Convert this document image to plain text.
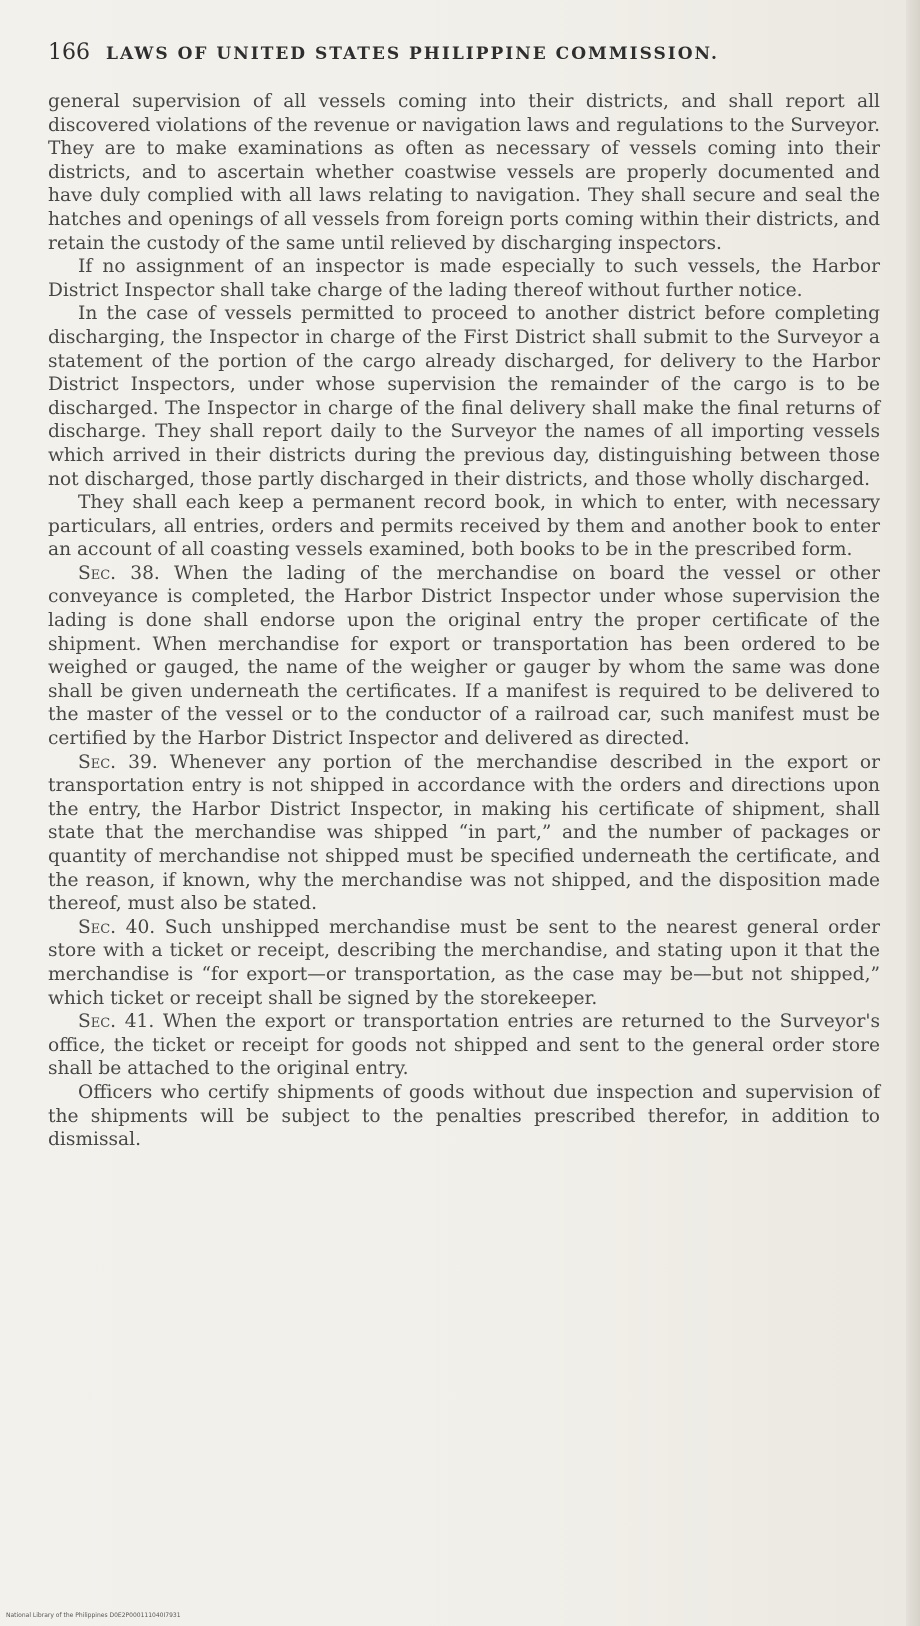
166 LAWS OF UNITED STATES PHILIPPINE COMMISSION.

general supervision of all vessels coming into their districts, and shall report all discovered violations of the revenue or navigation laws and regulations to the Surveyor. They are to make examinations as often as necessary of vessels coming into their districts, and to ascertain whether coastwise vessels are properly documented and have duly complied with all laws relating to navigation. They shall secure and seal the hatches and openings of all vessels from foreign ports coming within their districts, and retain the custody of the same until relieved by discharging inspectors.

If no assignment of an inspector is made especially to such vessels, the Harbor District Inspector shall take charge of the lading thereof without further notice.

In the case of vessels permitted to proceed to another district before completing discharging, the Inspector in charge of the First District shall submit to the Surveyor a statement of the portion of the cargo already discharged, for delivery to the Harbor District Inspectors, under whose supervision the remainder of the cargo is to be discharged. The Inspector in charge of the final delivery shall make the final returns of discharge. They shall report daily to the Surveyor the names of all importing vessels which arrived in their districts during the previous day, distinguishing between those not discharged, those partly discharged in their districts, and those wholly discharged.

They shall each keep a permanent record book, in which to enter, with necessary particulars, all entries, orders and permits received by them and another book to enter an account of all coasting vessels examined, both books to be in the prescribed form.

Sec. 38. When the lading of the merchandise on board the vessel or other conveyance is completed, the Harbor District Inspector under whose supervision the lading is done shall endorse upon the original entry the proper certificate of the shipment. When merchandise for export or transportation has been ordered to be weighed or gauged, the name of the weigher or gauger by whom the same was done shall be given underneath the certificates. If a manifest is required to be delivered to the master of the vessel or to the conductor of a railroad car, such manifest must be certified by the Harbor District Inspector and delivered as directed.

Sec. 39. Whenever any portion of the merchandise described in the export or transportation entry is not shipped in accordance with the orders and directions upon the entry, the Harbor District Inspector, in making his certificate of shipment, shall state that the merchandise was shipped “in part,” and the number of packages or quantity of merchandise not shipped must be specified underneath the certificate, and the reason, if known, why the merchandise was not shipped, and the disposition made thereof, must also be stated.

Sec. 40. Such unshipped merchandise must be sent to the nearest general order store with a ticket or receipt, describing the merchandise, and stating upon it that the merchandise is “for export—or transportation, as the case may be—but not shipped,” which ticket or receipt shall be signed by the storekeeper.

Sec. 41. When the export or transportation entries are returned to the Surveyor's office, the ticket or receipt for goods not shipped and sent to the general order store shall be attached to the original entry.

Officers who certify shipments of goods without due inspection and supervision of the shipments will be subject to the penalties prescribed therefor, in addition to dismissal.

National Library of the Philippines D0E2P000111040I7931
